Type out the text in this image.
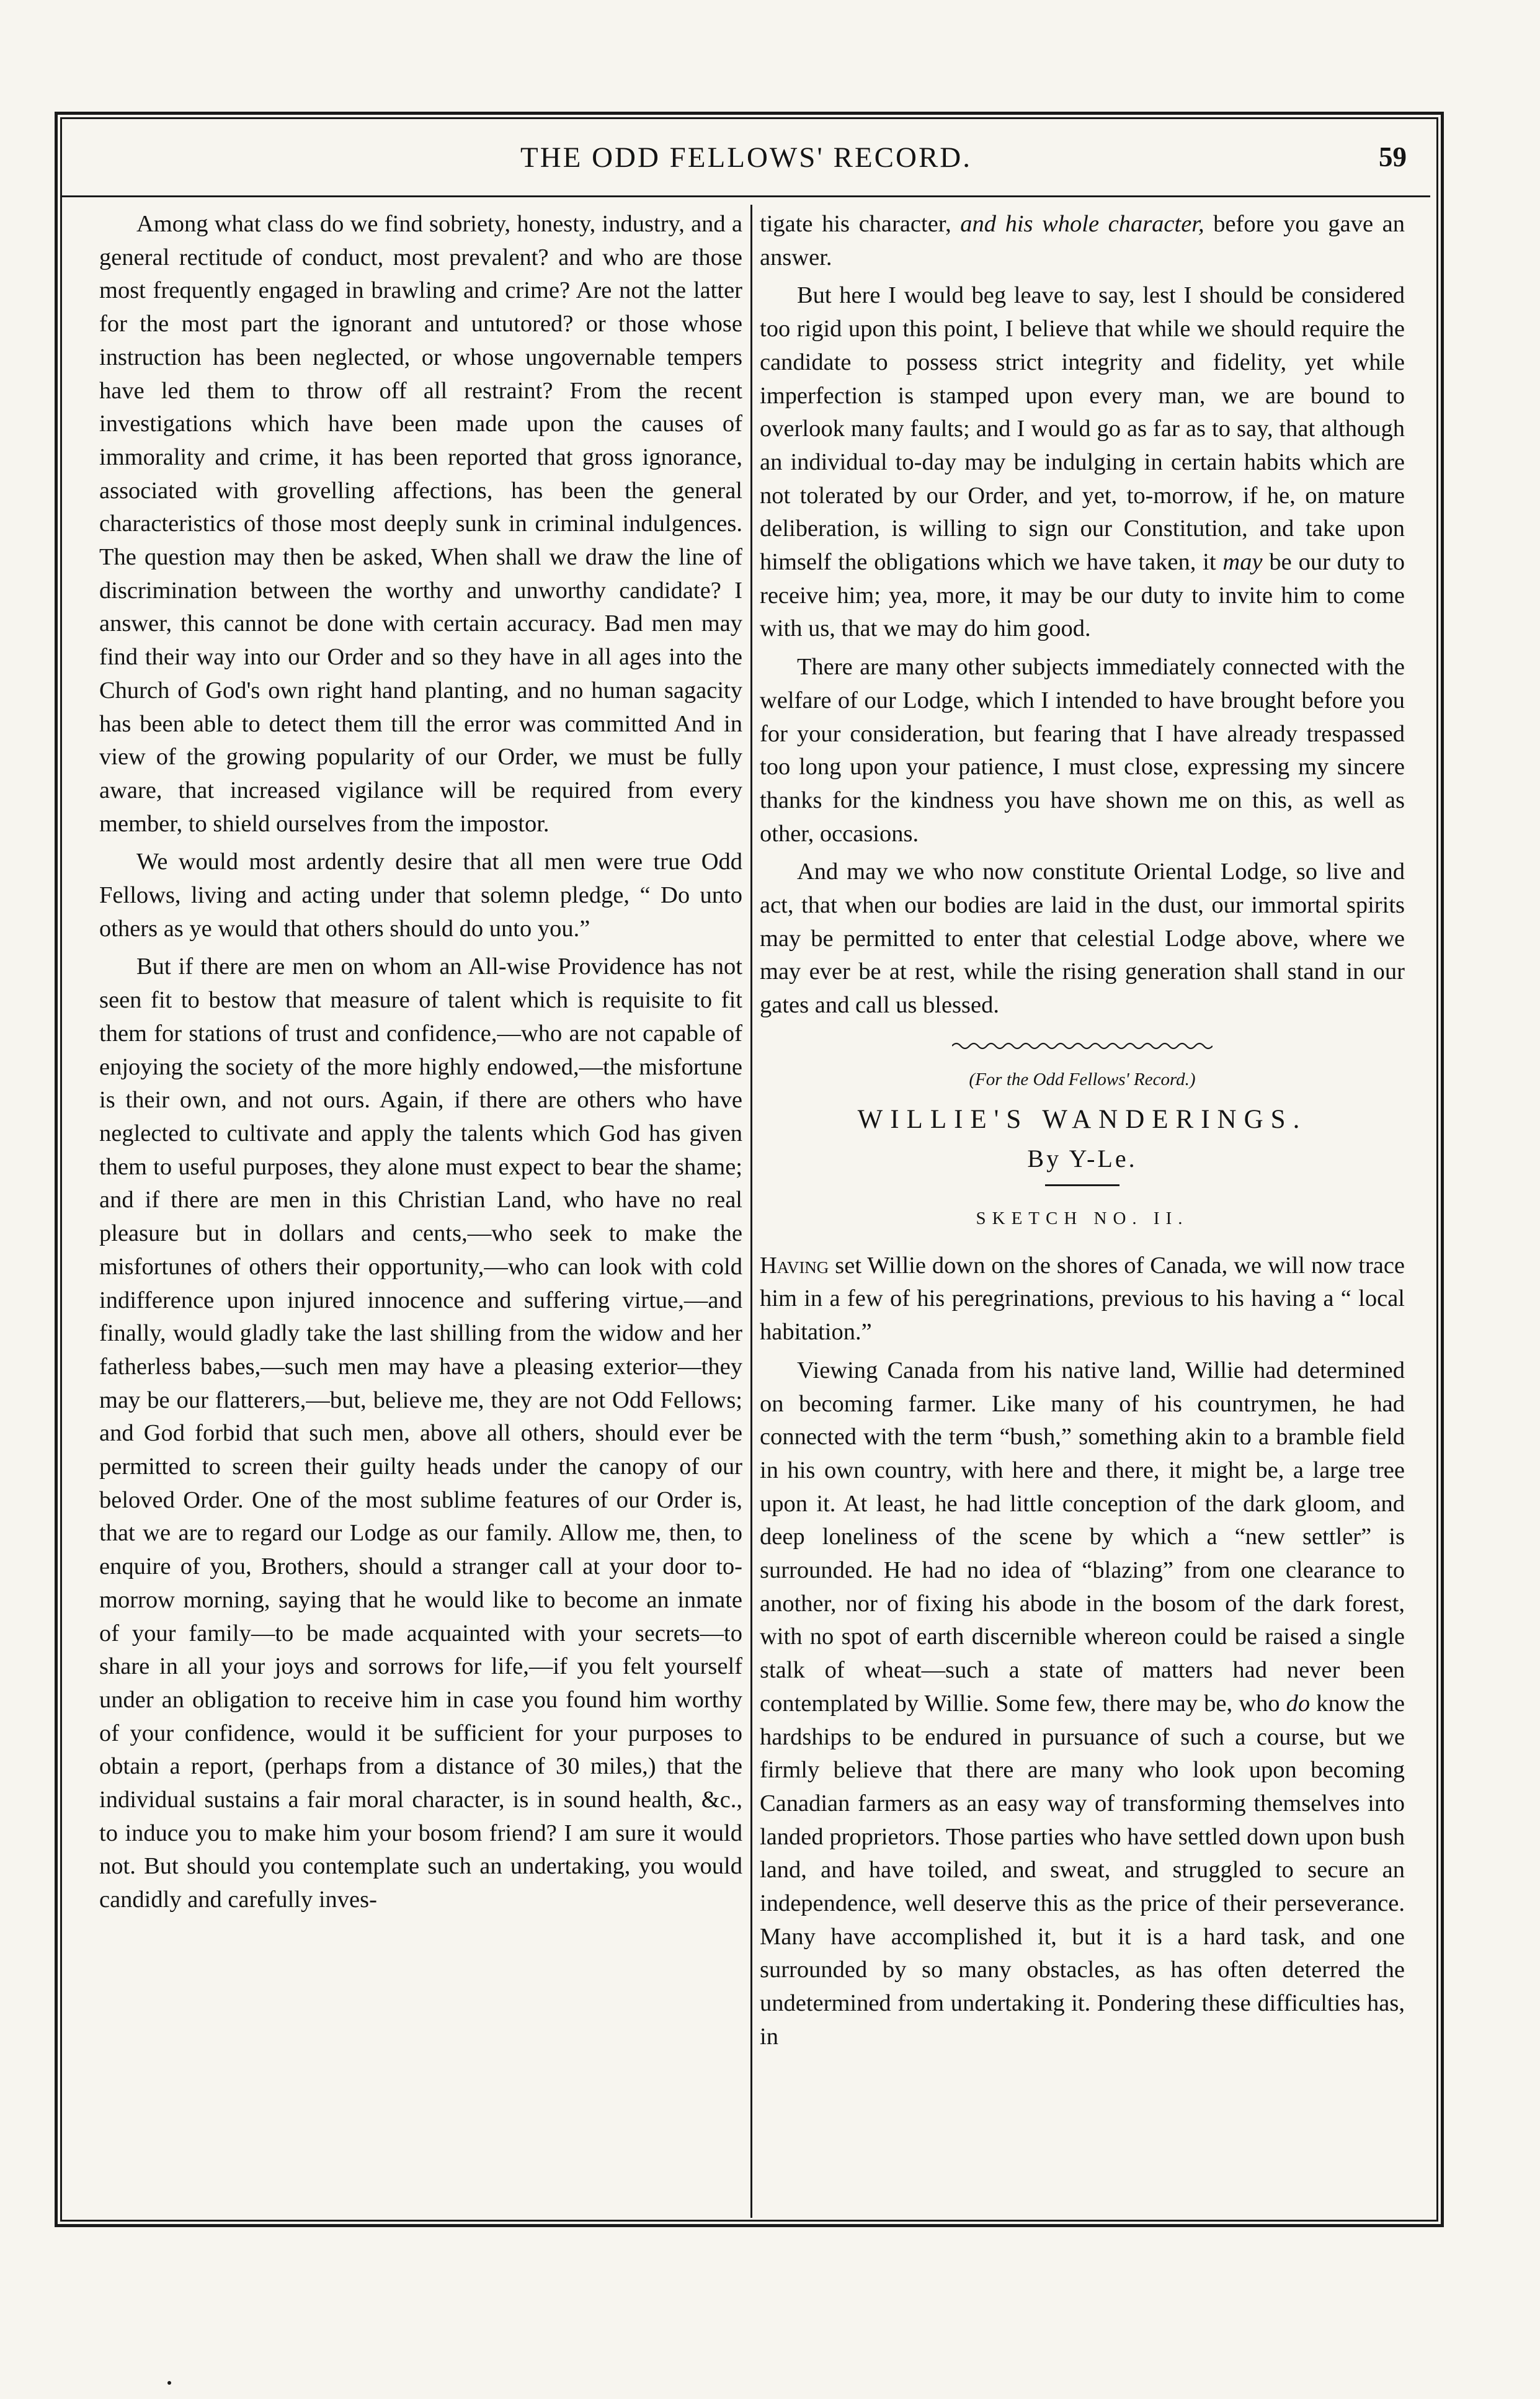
THE ODD FELLOWS' RECORD.	59

Among what class do we find sobriety, honesty, industry, and a general rectitude of conduct, most prevalent? and who are those most frequently engaged in brawling and crime? Are not the latter for the most part the ignorant and untutored? or those whose instruction has been neglected, or whose ungovernable tempers have led them to throw off all restraint? From the recent investigations which have been made upon the causes of immorality and crime, it has been reported that gross ignorance, associated with grovelling affections, has been the general characteristics of those most deeply sunk in criminal indulgences. The question may then be asked, When shall we draw the line of discrimination between the worthy and unworthy candidate? I answer, this cannot be done with certain accuracy. Bad men may find their way into our Order and so they have in all ages into the Church of God's own right hand planting, and no human sagacity has been able to detect them till the error was committed And in view of the growing popularity of our Order, we must be fully aware, that increased vigilance will be required from every member, to shield ourselves from the impostor.

We would most ardently desire that all men were true Odd Fellows, living and acting under that solemn pledge, “ Do unto others as ye would that others should do unto you.”

But if there are men on whom an All-wise Providence has not seen fit to bestow that measure of talent which is requisite to fit them for stations of trust and confidence,—who are not capable of enjoying the society of the more highly endowed,—the misfortune is their own, and not ours. Again, if there are others who have neglected to cultivate and apply the talents which God has given them to useful purposes, they alone must expect to bear the shame; and if there are men in this Christian Land, who have no real pleasure but in dollars and cents,—who seek to make the misfortunes of others their opportunity,—who can look with cold indifference upon injured innocence and suffering virtue,—and finally, would gladly take the last shilling from the widow and her fatherless babes,—such men may have a pleasing exterior—they may be our flatterers,—but, believe me, they are not Odd Fellows; and God forbid that such men, above all others, should ever be permitted to screen their guilty heads under the canopy of our beloved Order. One of the most sublime features of our Order is, that we are to regard our Lodge as our family. Allow me, then, to enquire of you, Brothers, should a stranger call at your door to-morrow morning, saying that he would like to become an inmate of your family—to be made acquainted with your secrets—to share in all your joys and sorrows for life,—if you felt yourself under an obligation to receive him in case you found him worthy of your confidence, would it be sufficient for your purposes to obtain a report, (perhaps from a distance of 30 miles,) that the individual sustains a fair moral character, is in sound health, &c., to induce you to make him your bosom friend? I am sure it would not. But should you contemplate such an undertaking, you would candidly and carefully inves-

tigate his character, and his whole character, before you gave an answer.

But here I would beg leave to say, lest I should be considered too rigid upon this point, I believe that while we should require the candidate to possess strict integrity and fidelity, yet while imperfection is stamped upon every man, we are bound to overlook many faults; and I would go as far as to say, that although an individual to-day may be indulging in certain habits which are not tolerated by our Order, and yet, to-morrow, if he, on mature deliberation, is willing to sign our Constitution, and take upon himself the obligations which we have taken, it may be our duty to receive him; yea, more, it may be our duty to invite him to come with us, that we may do him good.

There are many other subjects immediately connected with the welfare of our Lodge, which I intended to have brought before you for your consideration, but fearing that I have already trespassed too long upon your patience, I must close, expressing my sincere thanks for the kindness you have shown me on this, as well as other, occasions.

And may we who now constitute Oriental Lodge, so live and act, that when our bodies are laid in the dust, our immortal spirits may be permitted to enter that celestial Lodge above, where we may ever be at rest, while the rising generation shall stand in our gates and call us blessed.

(For the Odd Fellows' Record.)

WILLIE'S WANDERINGS.

By Y-Le.

SKETCH NO. II.

Having set Willie down on the shores of Canada, we will now trace him in a few of his peregrinations, previous to his having a “ local habitation.”

Viewing Canada from his native land, Willie had determined on becoming farmer. Like many of his countrymen, he had connected with the term “bush,” something akin to a bramble field in his own country, with here and there, it might be, a large tree upon it. At least, he had little conception of the dark gloom, and deep loneliness of the scene by which a “new settler” is surrounded. He had no idea of “blazing” from one clearance to another, nor of fixing his abode in the bosom of the dark forest, with no spot of earth discernible whereon could be raised a single stalk of wheat—such a state of matters had never been contemplated by Willie. Some few, there may be, who do know the hardships to be endured in pursuance of such a course, but we firmly believe that there are many who look upon becoming Canadian farmers as an easy way of transforming themselves into landed proprietors. Those parties who have settled down upon bush land, and have toiled, and sweat, and struggled to secure an independence, well deserve this as the price of their perseverance. Many have accomplished it, but it is a hard task, and one surrounded by so many obstacles, as has often deterred the undetermined from undertaking it. Pondering these difficulties has, in
